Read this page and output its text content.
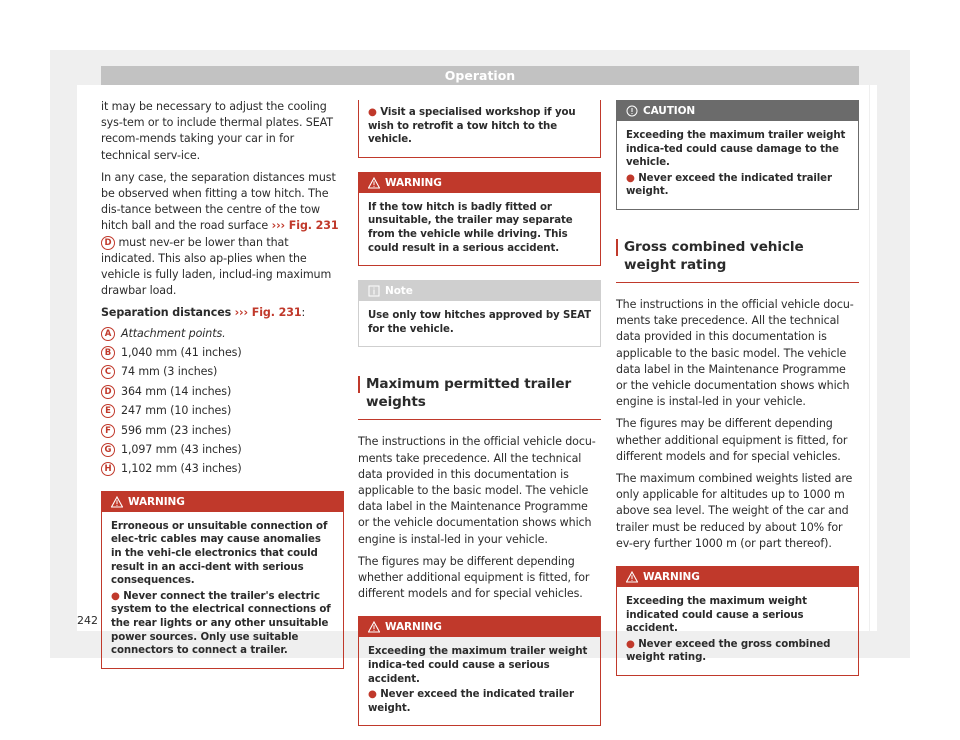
Operation

it may be necessary to adjust the cooling sys-tem or to include thermal plates. SEAT recom-mends taking your car in for technical serv-ice.

In any case, the separation distances must be observed when fitting a tow hitch. The dis-tance between the centre of the tow hitch ball and the road surface ››› Fig. 231 D must nev-er be lower than that indicated. This also ap-plies when the vehicle is fully laden, includ-ing maximum drawbar load.

Separation distances ››› Fig. 231:

A Attachment points.
B 1,040 mm (41 inches)
C 74 mm (3 inches)
D 364 mm (14 inches)
E 247 mm (10 inches)
F 596 mm (23 inches)
G 1,097 mm (43 inches)
H 1,102 mm (43 inches)
WARNING

Erroneous or unsuitable connection of elec-tric cables may cause anomalies in the vehi-cle electronics that could result in an acci-dent with serious consequences.

● Never connect the trailer's electric system to the electrical connections of the rear lights or any other unsuitable power sources. Only use suitable connectors to connect a trailer.

● Visit a specialised workshop if you wish to retrofit a tow hitch to the vehicle.

WARNING

If the tow hitch is badly fitted or unsuitable, the trailer may separate from the vehicle while driving. This could result in a serious accident.

Note

Use only tow hitches approved by SEAT for the vehicle.

Maximum permitted trailer weights

The instructions in the official vehicle docu-ments take precedence. All the technical data provided in this documentation is applicable to the basic model. The vehicle data label in the Maintenance Programme or the vehicle documentation shows which engine is instal-led in your vehicle.

The figures may be different depending whether additional equipment is fitted, for different models and for special vehicles.

WARNING

Exceeding the maximum trailer weight indica-ted could cause a serious accident.

● Never exceed the indicated trailer weight.

CAUTION

Exceeding the maximum trailer weight indica-ted could cause damage to the vehicle.

● Never exceed the indicated trailer weight.

Gross combined vehicle weight rating

The instructions in the official vehicle docu-ments take precedence. All the technical data provided in this documentation is applicable to the basic model. The vehicle data label in the Maintenance Programme or the vehicle documentation shows which engine is instal-led in your vehicle.

The figures may be different depending whether additional equipment is fitted, for different models and for special vehicles.

The maximum combined weights listed are only applicable for altitudes up to 1000 m above sea level. The weight of the car and trailer must be reduced by about 10% for ev-ery further 1000 m (or part thereof).

WARNING

Exceeding the maximum weight indicated could cause a serious accident.

● Never exceed the gross combined weight rating.

242
